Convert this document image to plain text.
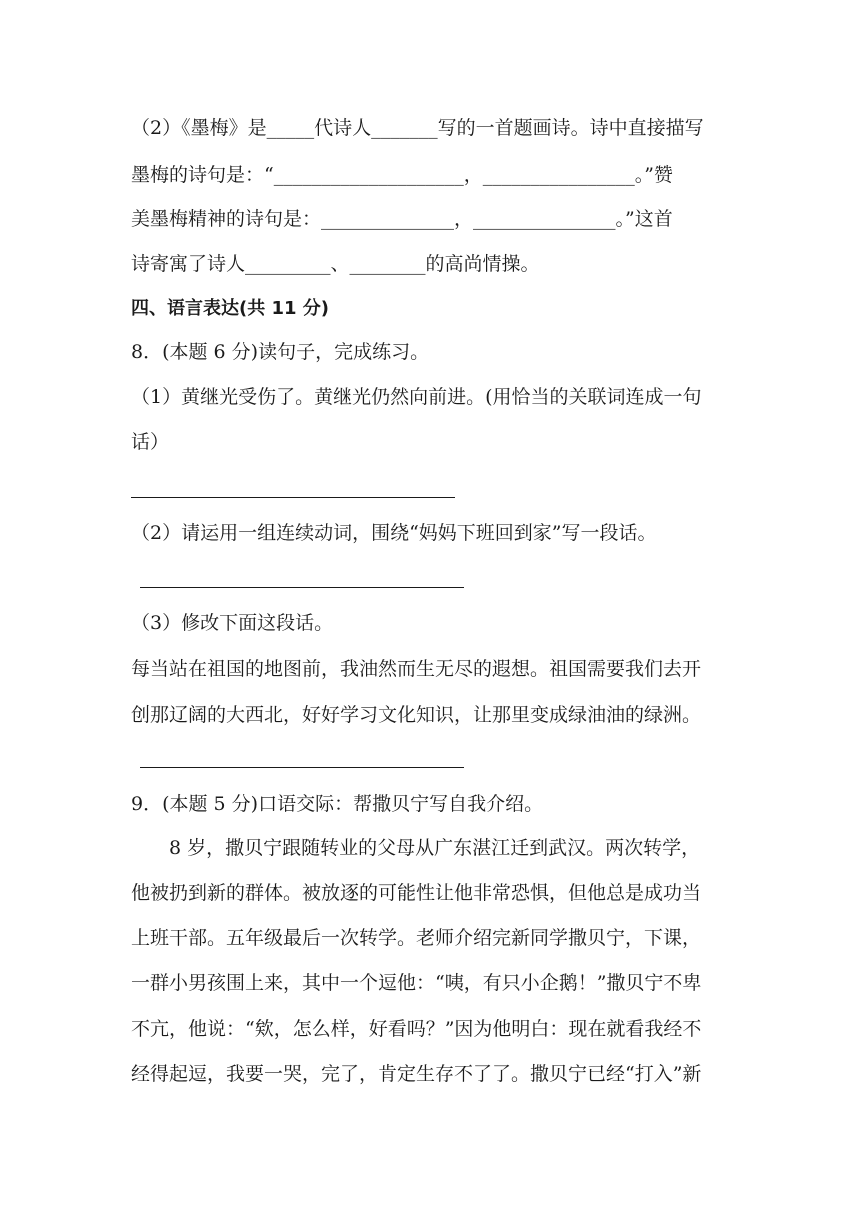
（2）《墨梅》是_____代诗人_______写的一首题画诗。诗中直接描写
墨梅的诗句是：“____________________，________________。”赞
美墨梅精神的诗句是：______________，_______________。”这首
诗寄寓了诗人_________、________的高尚情操。
四、语言表达(共 11 分)
8．(本题 6 分)读句子，完成练习。
（1）黄继光受伤了。黄继光仍然向前进。(用恰当的关联词连成一句
话）
（2）请运用一组连续动词，围绕“妈妈下班回到家”写一段话。
（3）修改下面这段话。
每当站在祖国的地图前，我油然而生无尽的遐想。祖国需要我们去开
创那辽阔的大西北，好好学习文化知识，让那里变成绿油油的绿洲。
9．(本题 5 分)口语交际：帮撒贝宁写自我介绍。
8 岁，撒贝宁跟随转业的父母从广东湛江迁到武汉。两次转学，
他被扔到新的群体。被放逐的可能性让他非常恐惧，但他总是成功当
上班干部。五年级最后一次转学。老师介绍完新同学撒贝宁，下课，
一群小男孩围上来，其中一个逗他：“咦，有只小企鹅！”撒贝宁不卑
不亢，他说：“欸，怎么样，好看吗？”因为他明白：现在就看我经不
经得起逗，我要一哭，完了，肯定生存不了了。撒贝宁已经“打入”新
